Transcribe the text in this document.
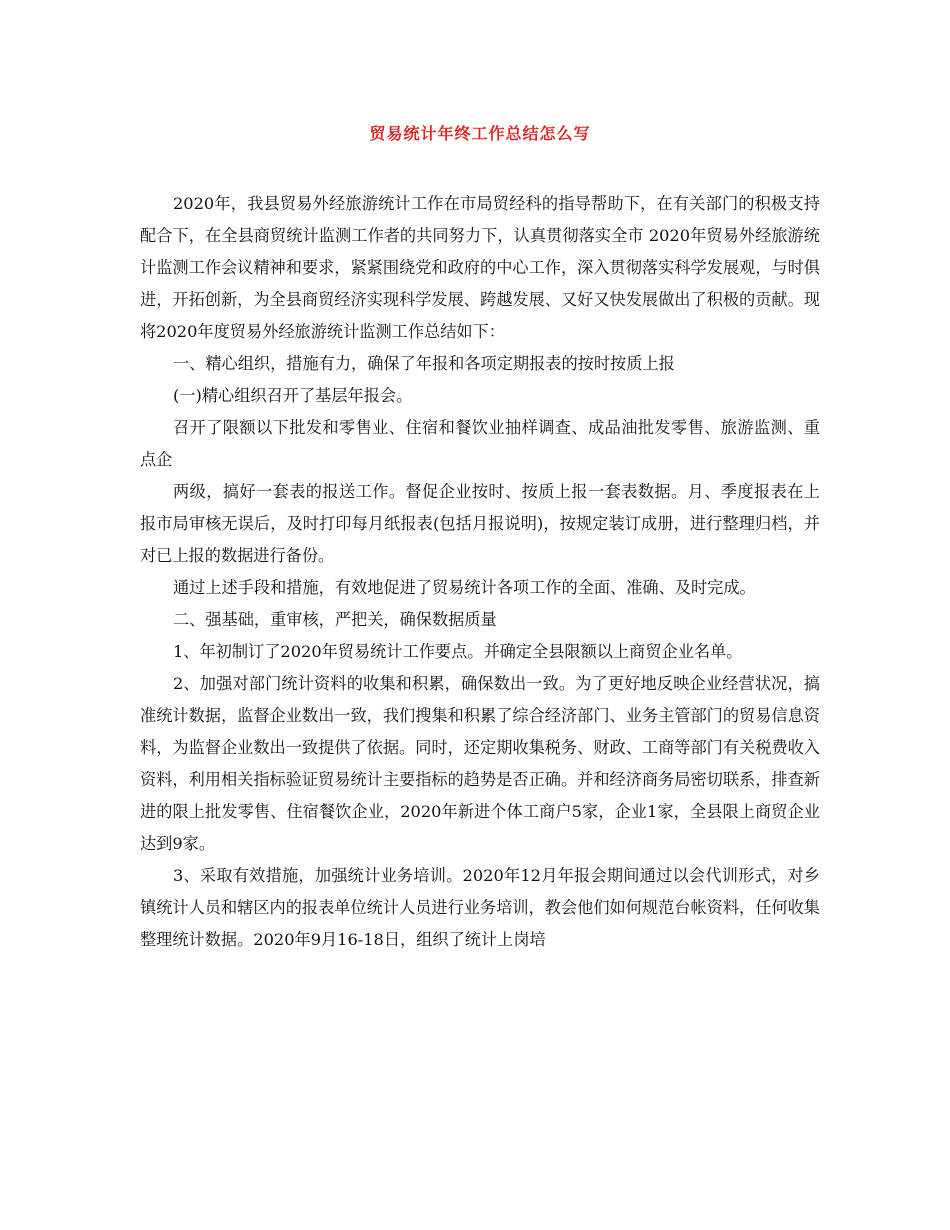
贸易统计年终工作总结怎么写

2020年，我县贸易外经旅游统计工作在市局贸经科的指导帮助下，在有关部门的积极支持配合下，在全县商贸统计监测工作者的共同努力下，认真贯彻落实全市 2020年贸易外经旅游统计监测工作会议精神和要求，紧紧围绕党和政府的中心工作，深入贯彻落实科学发展观，与时俱进，开拓创新，为全县商贸经济实现科学发展、跨越发展、又好又快发展做出了积极的贡献。现将2020年度贸易外经旅游统计监测工作总结如下：

一、精心组织，措施有力，确保了年报和各项定期报表的按时按质上报

(一)精心组织召开了基层年报会。

召开了限额以下批发和零售业、住宿和餐饮业抽样调查、成品油批发零售、旅游监测、重点企

两级，搞好一套表的报送工作。督促企业按时、按质上报一套表数据。月、季度报表在上报市局审核无误后，及时打印每月纸报表(包括月报说明)，按规定装订成册，进行整理归档，并对已上报的数据进行备份。

通过上述手段和措施，有效地促进了贸易统计各项工作的全面、准确、及时完成。

二、强基础，重审核，严把关，确保数据质量

1、年初制订了2020年贸易统计工作要点。并确定全县限额以上商贸企业名单。

2、加强对部门统计资料的收集和积累，确保数出一致。为了更好地反映企业经营状况，搞准统计数据，监督企业数出一致，我们搜集和积累了综合经济部门、业务主管部门的贸易信息资料，为监督企业数出一致提供了依据。同时，还定期收集税务、财政、工商等部门有关税费收入资料，利用相关指标验证贸易统计主要指标的趋势是否正确。并和经济商务局密切联系，排查新进的限上批发零售、住宿餐饮企业，2020年新进个体工商户5家，企业1家，全县限上商贸企业达到9家。

3、采取有效措施，加强统计业务培训。2020年12月年报会期间通过以会代训形式，对乡镇统计人员和辖区内的报表单位统计人员进行业务培训，教会他们如何规范台帐资料，任何收集整理统计数据。2020年9月16-18日，组织了统计上岗培
